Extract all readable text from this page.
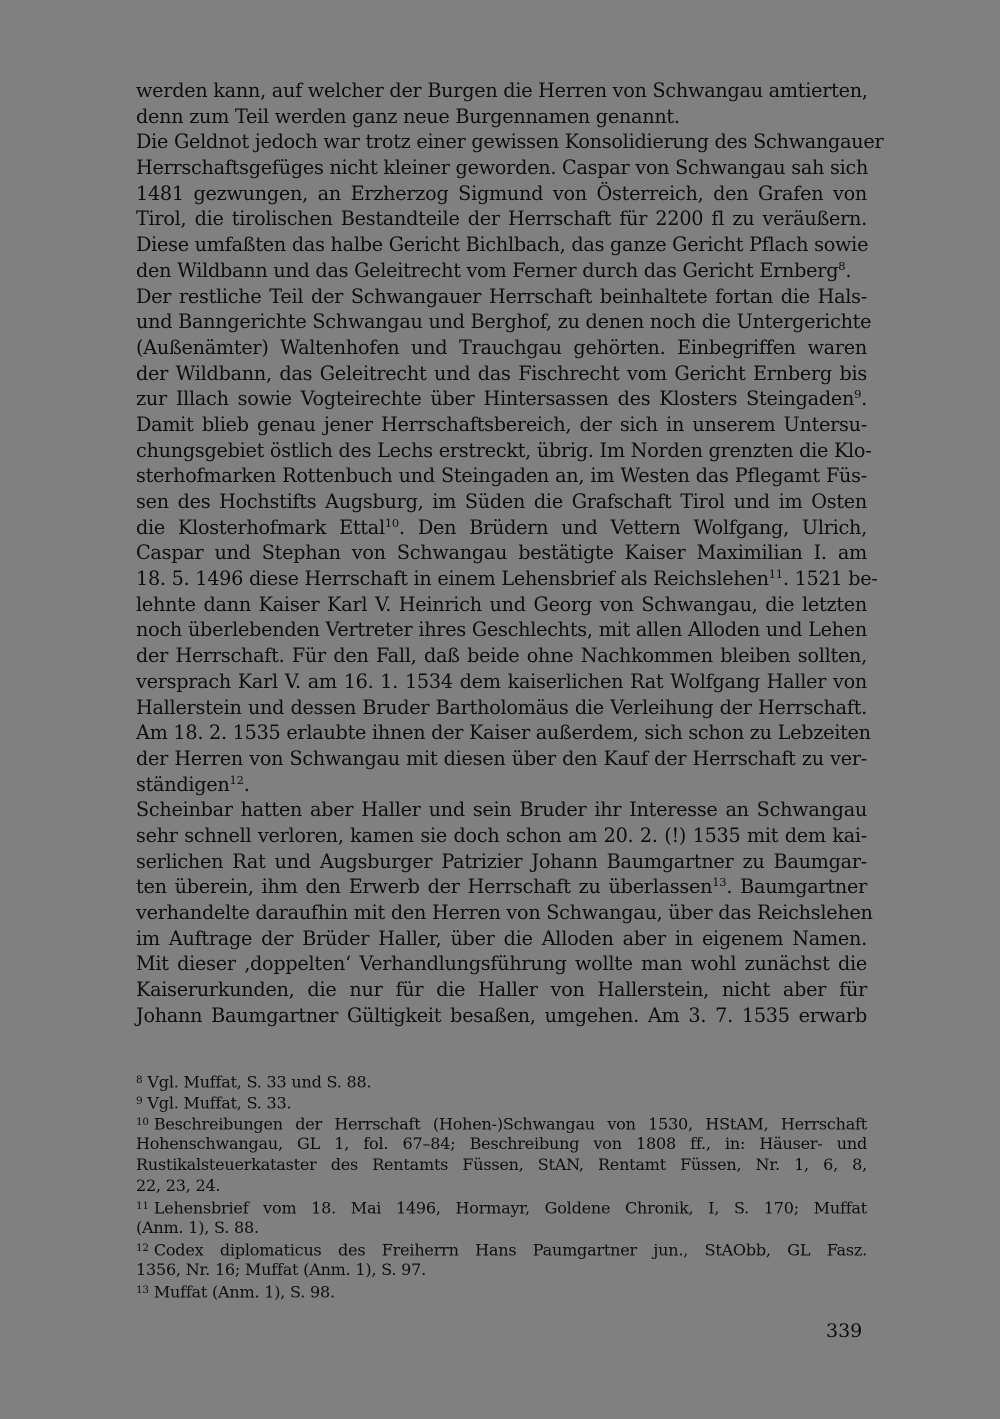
werden kann, auf welcher der Burgen die Herren von Schwangau amtierten,
denn zum Teil werden ganz neue Burgennamen genannt.
Die Geldnot jedoch war trotz einer gewissen Konsolidierung des Schwangauer
Herrschaftsgefüges nicht kleiner geworden. Caspar von Schwangau sah sich
1481 gezwungen, an Erzherzog Sigmund von Österreich, den Grafen von
Tirol, die tirolischen Bestandteile der Herrschaft für 2200 fl zu veräußern.
Diese umfaßten das halbe Gericht Bichlbach, das ganze Gericht Pflach sowie
den Wildbann und das Geleitrecht vom Ferner durch das Gericht Ernberg$^8$.
Der restliche Teil der Schwangauer Herrschaft beinhaltete fortan die Hals-
und Banngerichte Schwangau und Berghof, zu denen noch die Untergerichte
(Außenämter) Waltenhofen und Trauchgau gehörten. Einbegriffen waren
der Wildbann, das Geleitrecht und das Fischrecht vom Gericht Ernberg bis
zur Illach sowie Vogteirechte über Hintersassen des Klosters Steingaden$^9$.
Damit blieb genau jener Herrschaftsbereich, der sich in unserem Untersu-
chungsgebiet östlich des Lechs erstreckt, übrig. Im Norden grenzten die Klo-
sterhofmarken Rottenbuch und Steingaden an, im Westen das Pflegamt Füs-
sen des Hochstifts Augsburg, im Süden die Grafschaft Tirol und im Osten
die Klosterhofmark Ettal$^{10}$. Den Brüdern und Vettern Wolfgang, Ulrich,
Caspar und Stephan von Schwangau bestätigte Kaiser Maximilian I. am
18. 5. 1496 diese Herrschaft in einem Lehensbrief als Reichslehen$^{11}$. 1521 be-
lehnte dann Kaiser Karl V. Heinrich und Georg von Schwangau, die letzten
noch überlebenden Vertreter ihres Geschlechts, mit allen Alloden und Lehen
der Herrschaft. Für den Fall, daß beide ohne Nachkommen bleiben sollten,
versprach Karl V. am 16. 1. 1534 dem kaiserlichen Rat Wolfgang Haller von
Hallerstein und dessen Bruder Bartholomäus die Verleihung der Herrschaft.
Am 18. 2. 1535 erlaubte ihnen der Kaiser außerdem, sich schon zu Lebzeiten
der Herren von Schwangau mit diesen über den Kauf der Herrschaft zu ver-
ständigen$^{12}$.
Scheinbar hatten aber Haller und sein Bruder ihr Interesse an Schwangau
sehr schnell verloren, kamen sie doch schon am 20. 2. (!) 1535 mit dem kai-
serlichen Rat und Augsburger Patrizier Johann Baumgartner zu Baumgar-
ten überein, ihm den Erwerb der Herrschaft zu überlassen$^{13}$. Baumgartner
verhandelte daraufhin mit den Herren von Schwangau, über das Reichslehen
im Auftrage der Brüder Haller, über die Alloden aber in eigenem Namen.
Mit dieser ‚doppelten‘ Verhandlungsführung wollte man wohl zunächst die
Kaiserurkunden, die nur für die Haller von Hallerstein, nicht aber für
Johann Baumgartner Gültigkeit besaßen, umgehen. Am 3. 7. 1535 erwarb
$^8$ Vgl. Muffat, S. 33 und S. 88.
$^9$ Vgl. Muffat, S. 33.
$^{10}$ Beschreibungen der Herrschaft (Hohen-)Schwangau von 1530, HStAM, Herrschaft
Hohenschwangau, GL 1, fol. 67–84; Beschreibung von 1808 ff., in: Häuser- und
Rustikalsteuerkataster des Rentamts Füssen, StAN, Rentamt Füssen, Nr. 1, 6, 8,
22, 23, 24.
$^{11}$ Lehensbrief vom 18. Mai 1496, Hormayr, Goldene Chronik, I, S. 170; Muffat
(Anm. 1), S. 88.
$^{12}$ Codex diplomaticus des Freiherrn Hans Paumgartner jun., StAObb, GL Fasz.
1356, Nr. 16; Muffat (Anm. 1), S. 97.
$^{13}$ Muffat (Anm. 1), S. 98.
339
